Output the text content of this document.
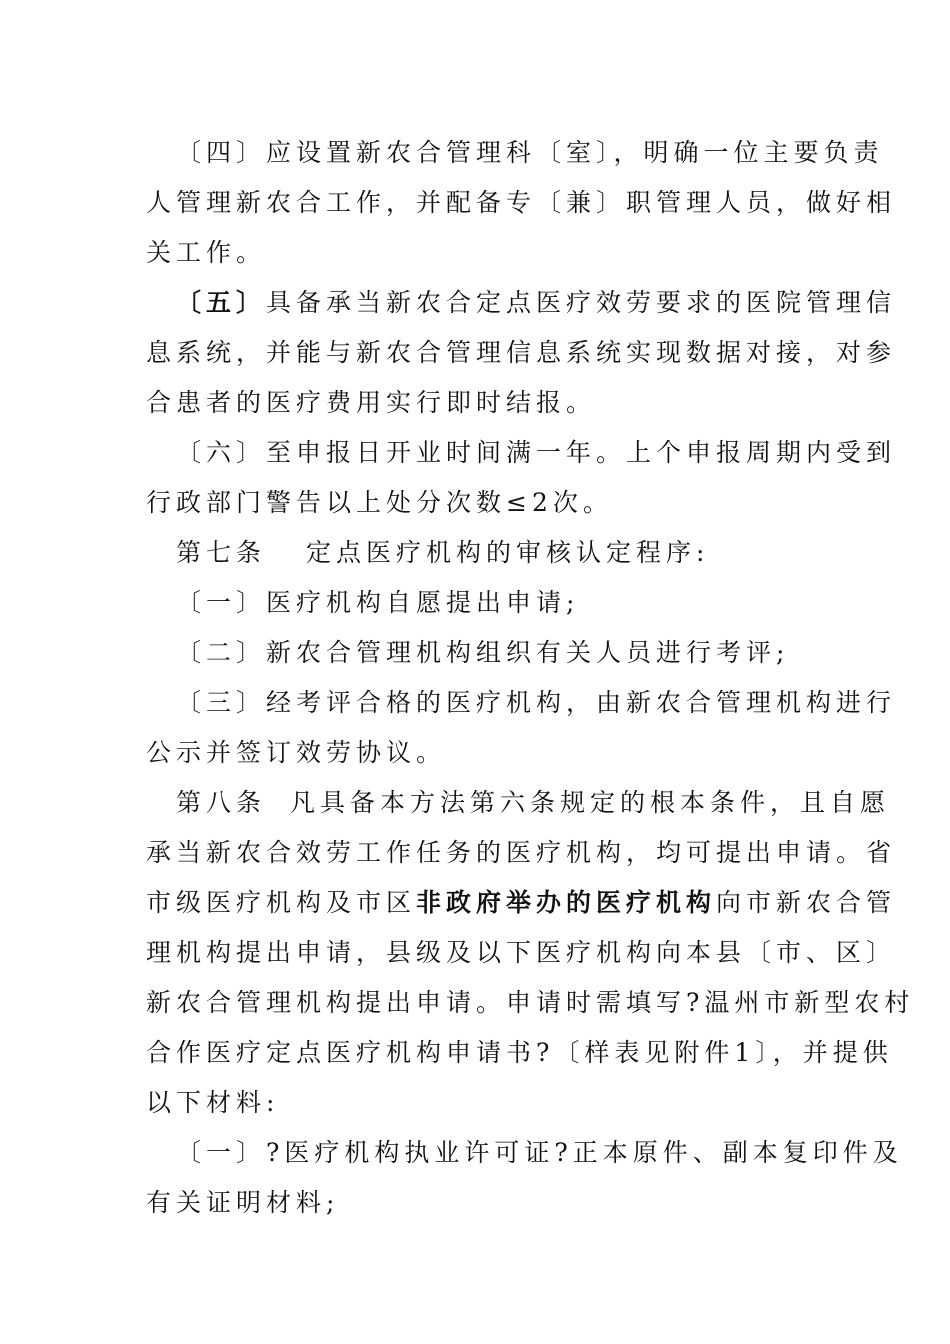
〔四〕应设置新农合管理科〔室〕，明确一位主要负责
人管理新农合工作，并配备专〔兼〕职管理人员，做好相
关工作。
〔五〕具备承当新农合定点医疗效劳要求的医院管理信
息系统，并能与新农合管理信息系统实现数据对接，对参
合患者的医疗费用实行即时结报。
〔六〕至申报日开业时间满一年。上个申报周期内受到
行政部门警告以上处分次数≤2次。
第七条 定点医疗机构的审核认定程序:
〔一〕医疗机构自愿提出申请;
〔二〕新农合管理机构组织有关人员进行考评;
〔三〕经考评合格的医疗机构，由新农合管理机构进行
公示并签订效劳协议。
第八条 凡具备本方法第六条规定的根本条件，且自愿
承当新农合效劳工作任务的医疗机构，均可提出申请。省
市级医疗机构及市区非政府举办的医疗机构向市新农合管
理机构提出申请，县级及以下医疗机构向本县〔市、区〕
新农合管理机构提出申请。申请时需填写?温州市新型农村
合作医疗定点医疗机构申请书?〔样表见附件1〕，并提供
以下材料:
〔一〕?医疗机构执业许可证?正本原件、副本复印件及
有关证明材料;
